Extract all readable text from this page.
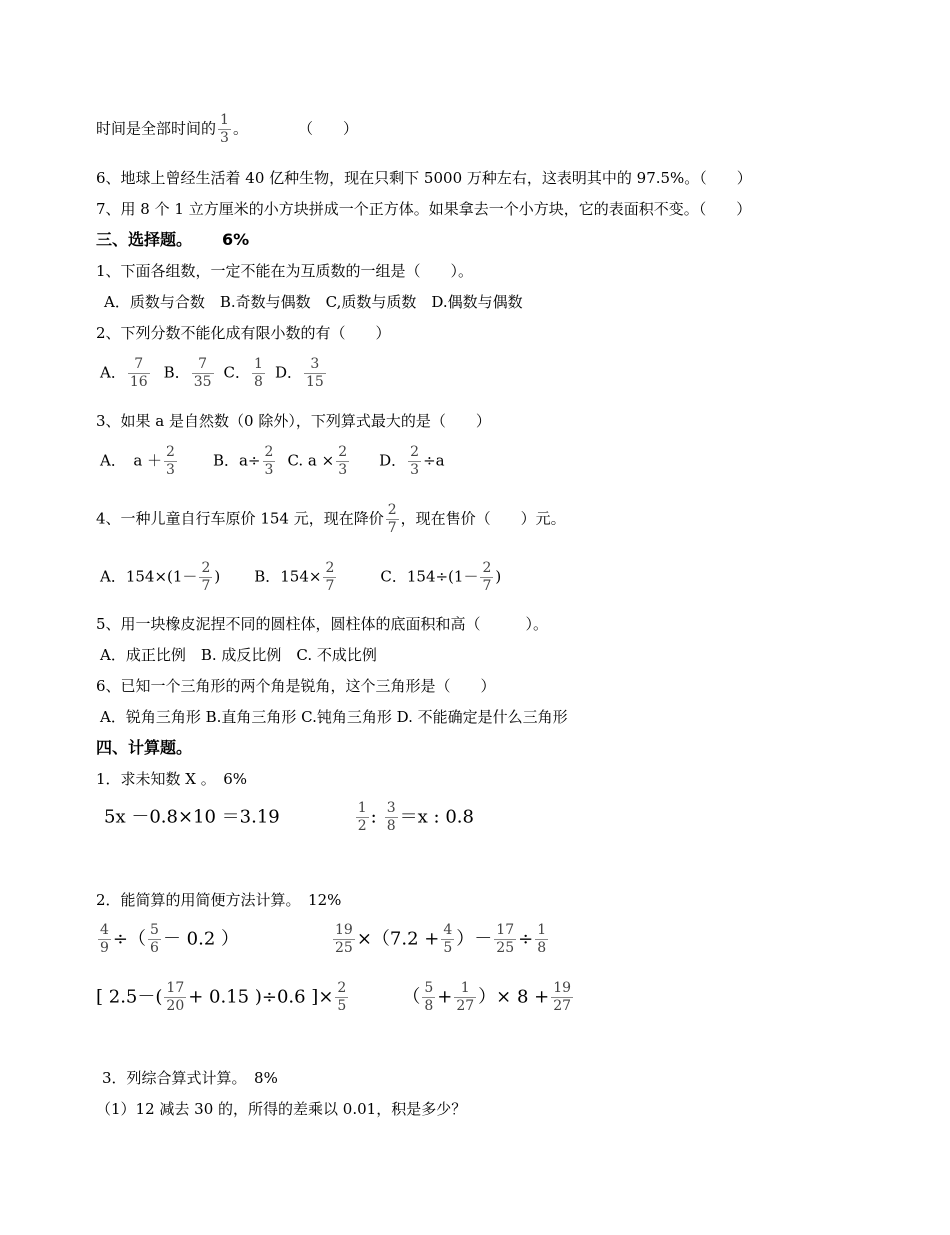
时间是全部时间的 $\frac{1}{3}$ 。	（　　）
6、地球上曾经生活着 40 亿种生物，现在只剩下 5000 万种左右，这表明其中的 97.5%。（　　）
7、用 8 个 1 立方厘米的小方块拼成一个正方体。如果拿去一个小方块，它的表面积不变。（　　）
三、选择题。 6%
1、下面各组数，一定不能在为互质数的一组是（　　）。
A．质数与合数　B.奇数与偶数　C,质数与质数　D.偶数与偶数
2、下列分数不能化成有限小数的有（　　）
A． $\frac{7}{16}$ B． $\frac{7}{35}$ C． $\frac{1}{8}$ D． $\frac{3}{15}$
3、如果 a 是自然数（0 除外），下列算式最大的是（　　）
A．　$a + \frac{2}{3}$ B．$a\div \frac{2}{3} C$. $a \times \frac{2}{3}$ D． $\frac{2}{3} \div a$
4、一种儿童自行车原价 154 元，现在降价 $\frac{2}{7}$ ，现在售价（　　）元。
A．$154\times(1- \frac{2}{7}$ ) B．$154\times \frac{2}{7}$	C．$154\div(1- \frac{2}{7}$ )
5、用一块橡皮泥捏不同的圆柱体，圆柱体的底面积和高（　　　）。
A．成正比例　B. 成反比例　C. 不成比例
6、已知一个三角形的两个角是锐角，这个三角形是（　　）
A．锐角三角形 B.直角三角形 C.钝角三角形 D. 不能确定是什么三角形
四、计算题。
1．求未知数 X 。　6%
5x －0.8×10 ＝3.19	$\frac{1}{2}$ : $\frac{3}{8} =x$ : 0.8
2．能简算的用简便方法计算。　12%
$\frac{4}{9}$ ÷（ $\frac{5}{6} - 0.2$ ）	$\frac{19}{25} \times(7.2 + \frac{4}{5}$ ）－ $\frac{17}{25} \div \frac{1}{8}$
[ $2.5-( \frac{17}{20} + 0.15$ )÷0.6 ]× $\frac{2}{5}$	（ $\frac{5}{8} + \frac{1}{27}$ ）× $8 + \frac{19}{27}$
3．列综合算式计算。　8%
（1）12 减去 30 的，所得的差乘以 0.01，积是多少？
